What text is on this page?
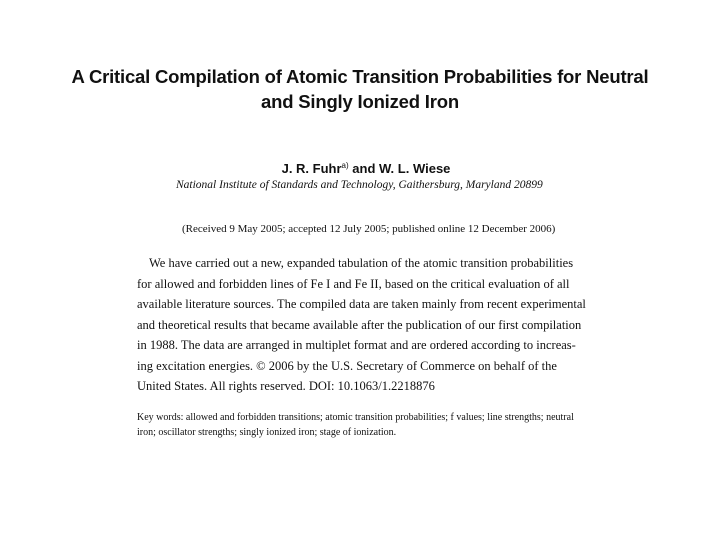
A Critical Compilation of Atomic Transition Probabilities for Neutral
and Singly Ionized Iron
J. R. Fuhr$^{a)}$ and W. L. Wiese
National Institute of Standards and Technology, Gaithersburg, Maryland 20899
(Received 9 May 2005; accepted 12 July 2005; published online 12 December 2006)
We have carried out a new, expanded tabulation of the atomic transition probabilities
for allowed and forbidden lines of Fe I and Fe II, based on the critical evaluation of all
available literature sources. The compiled data are taken mainly from recent experimental
and theoretical results that became available after the publication of our first compilation
in 1988. The data are arranged in multiplet format and are ordered according to increas-
ing excitation energies. © 2006 by the U.S. Secretary of Commerce on behalf of the
United States. All rights reserved. DOI: 10.1063/1.2218876
Key words: allowed and forbidden transitions; atomic transition probabilities; f values; line strengths; neutral
iron; oscillator strengths; singly ionized iron; stage of ionization.
